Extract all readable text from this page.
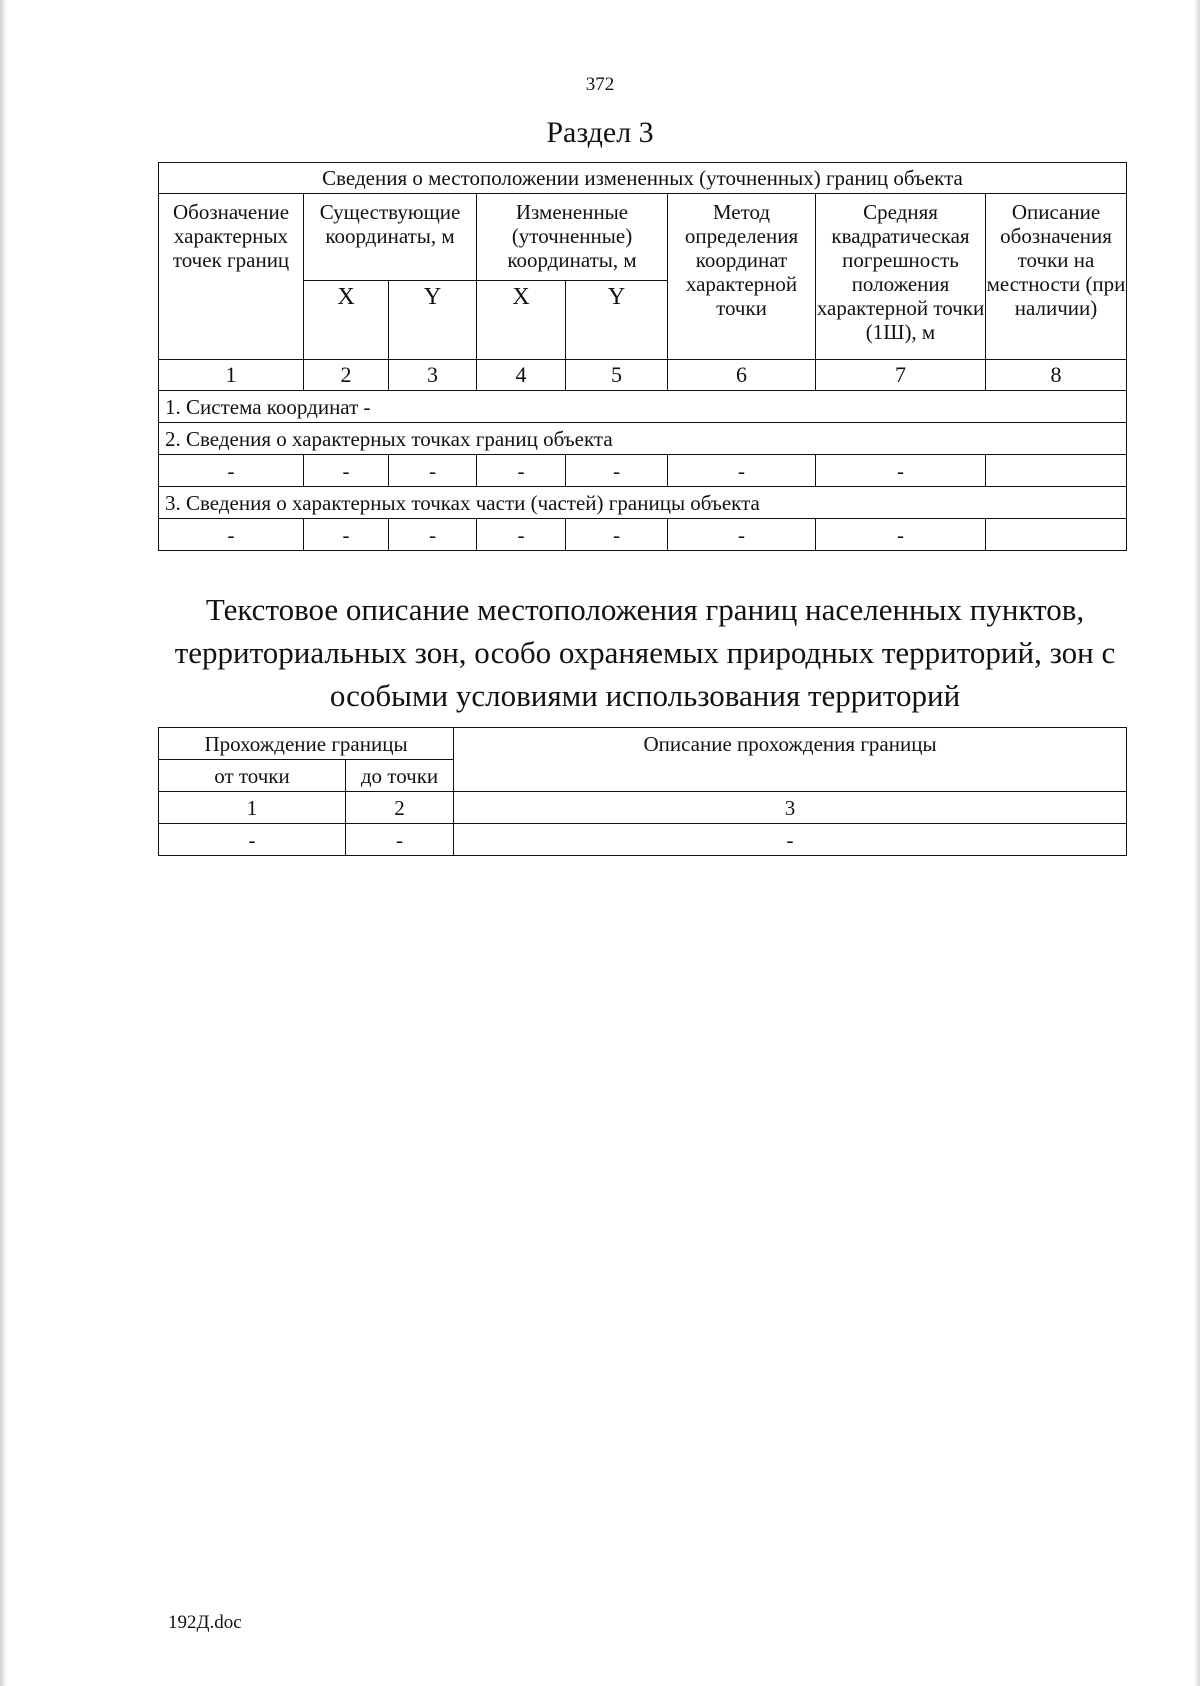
372
Раздел 3
Сведения о местоположении измененных (уточненных) границ объекта							
Обозначение характерных точек границ	Существующие координаты, м		Измененные (уточненные) координаты, м		Метод определения координат характерной точки	Средняя квадратическая погрешность положения характерной точки (1Ш), м	Описание обозначения точки на местности (при наличии)
	X	Y	X	Y			
1	2	3	4	5	6	7	8
1. Система координат -							
2. Сведения о характерных точках границ объекта							
-	-	-	-	-	-	-	
3. Сведения о характерных точках части (частей) границы объекта							
-	-	-	-	-	-	-	
Текстовое описание местоположения границ населенных пунктов,
территориальных зон, особо охраняемых природных территорий, зон с
особыми условиями использования территорий
Прохождение границы		Описание прохождения границы
от точки	до точки	
1	2	3
-	-	-
192Д.doc
